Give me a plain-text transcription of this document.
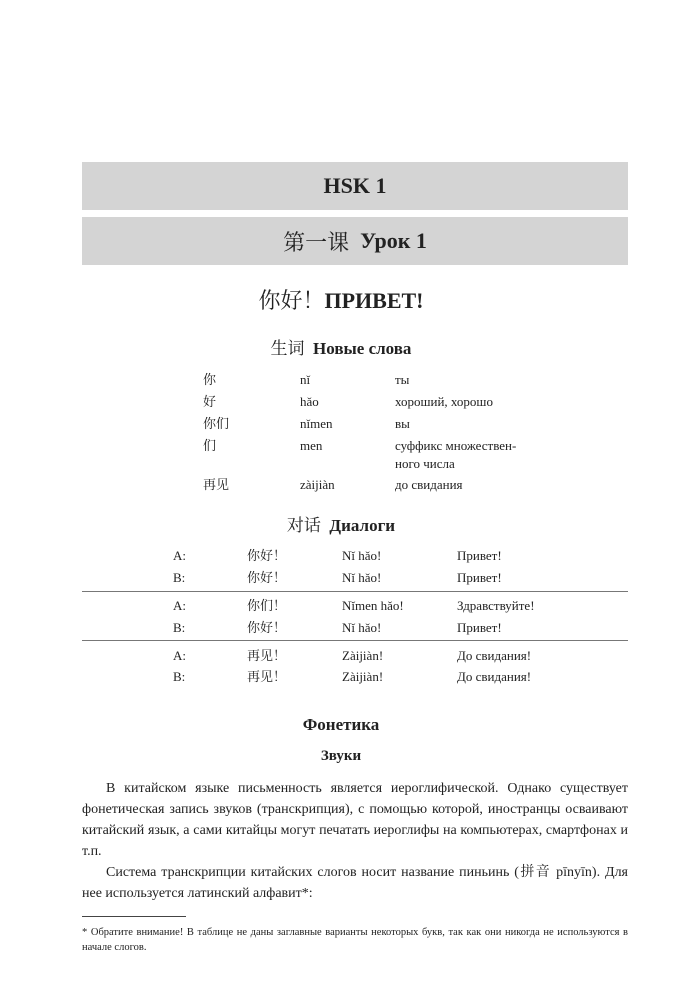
HSK 1
第一课
Урок 1
你好！ПРИВЕТ!
生词 Новые слова
你	nǐ	ты
好	hǎo	хороший, хорошо
你们	nǐmen	вы
们	men	суффикс множествен-
ного числа
再见	zàijiàn	до свидания
对话 Диалоги
A:	你好！	Nǐ hǎo!	Привет!
B:	你好！	Nǐ hǎo!	Привет!
A:	你们！	Nǐmen hǎo!	Здравствуйте!
B:	你好！	Nǐ hǎo!	Привет!
A:	再见！	Zàijiàn!	До свидания!
B:	再见！	Zàijiàn!	До свидания!
Фонетика
Звуки

В китайском языке письменность является иероглифической. Однако существует фонетическая запись звуков (транскрипция), с помощью которой, иностранцы осваивают китайский язык, а сами китайцы могут печатать иероглифы на компьютерах, смартфонах и т.п.

Система транскрипции китайских слогов носит название пиньинь (拼音 pīnyīn). Для нее используется латинский алфавит*:

* Обратите внимание! В таблице не даны заглавные варианты некоторых букв, так как они никогда не используются в начале слогов.
